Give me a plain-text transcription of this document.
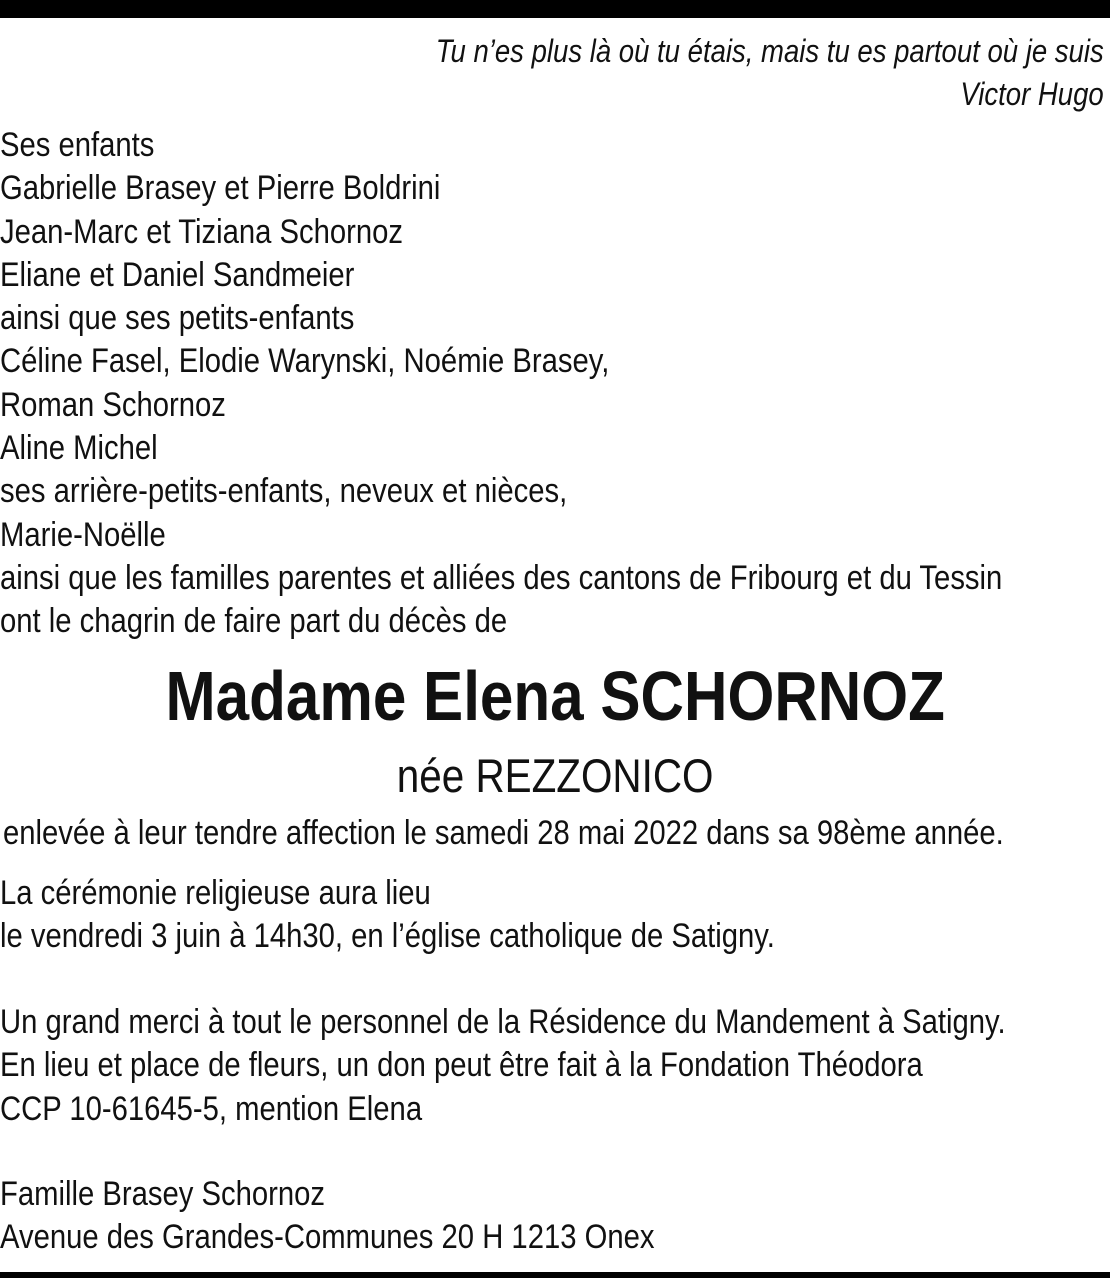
Tu n’es plus là où tu étais, mais tu es partout où je suis
Victor Hugo
Ses enfants
Gabrielle Brasey et Pierre Boldrini
Jean-Marc et Tiziana Schornoz
Eliane et Daniel Sandmeier
ainsi que ses petits-enfants
Céline Fasel, Elodie Warynski, Noémie Brasey,
Roman Schornoz
Aline Michel
ses arrière-petits-enfants, neveux et nièces,
Marie-Noëlle
ainsi que les familles parentes et alliées des cantons de Fribourg et du Tessin
ont le chagrin de faire part du décès de
Madame Elena SCHORNOZ
née REZZONICO
enlevée à leur tendre affection le samedi 28 mai 2022 dans sa 98ème année.
La cérémonie religieuse aura lieu
le vendredi 3 juin à 14h30, en l’église catholique de Satigny.
Un grand merci à tout le personnel de la Résidence du Mandement à Satigny.
En lieu et place de fleurs, un don peut être fait à la Fondation Théodora
CCP 10-61645-5, mention Elena
Famille Brasey Schornoz
Avenue des Grandes-Communes 20 H 1213 Onex
